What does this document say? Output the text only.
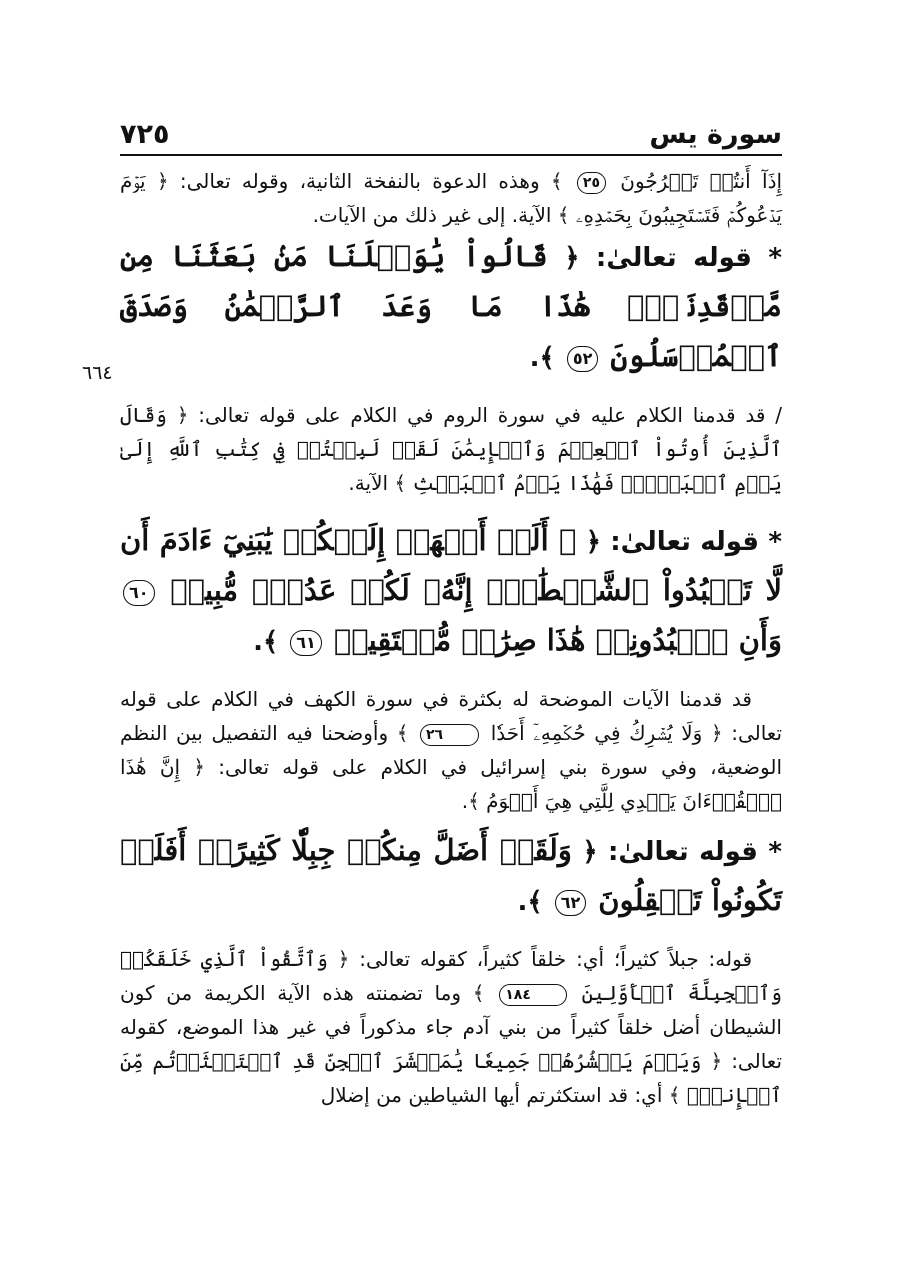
سورة يس
٧٢٥
٦٦٤

إِذَآ أَنتُمۡ تَخۡرُجُونَ ٢٥ ﴾ وهذه الدعوة بالنفخة الثانية، وقوله تعالى: ﴿ يَوۡمَ يَدۡعُوكُمۡ فَتَسۡتَجِيبُونَ بِحَمۡدِهِۦ ﴾ الآية. إلى غير ذلك من الآيات.

* قوله تعالىٰ: ﴿ قَالُواْ يَٰوَيۡلَنَا مَنۢ بَعَثَنَا مِن مَّرۡقَدِنَاۜۗ هَٰذَا مَا وَعَدَ ٱلرَّحۡمَٰنُ وَصَدَقَ ٱلۡمُرۡسَلُونَ ٥٢ ﴾.

/ قد قدمنا الكلام عليه في سورة الروم في الكلام على قوله تعالى: ﴿ وَقَالَ ٱلَّذِينَ أُوتُواْ ٱلۡعِلۡمَ وَٱلۡإِيمَٰنَ لَقَدۡ لَبِثۡتُمۡ فِي كِتَٰبِ ٱللَّهِ إِلَىٰ يَوۡمِ ٱلۡبَعۡثِۖ فَهَٰذَا يَوۡمُ ٱلۡبَعۡثِ ﴾ الآية.

* قوله تعالىٰ: ﴿ ۞ أَلَمۡ أَعۡهَدۡ إِلَيۡكُمۡ يَٰبَنِيٓ ءَادَمَ أَن لَّا تَعۡبُدُواْ ٱلشَّيۡطَٰنَۖ إِنَّهُۥ لَكُمۡ عَدُوّٞ مُّبِينٞ ٦٠ وَأَنِ ٱعۡبُدُونِيۚ هَٰذَا صِرَٰطٞ مُّسۡتَقِيمٞ ٦١ ﴾.

قد قدمنا الآيات الموضحة له بكثرة في سورة الكهف في الكلام على قوله تعالى: ﴿ وَلَا يُشۡرِكُ فِي حُكۡمِهِۦٓ أَحَدٗا ٢٦ ﴾ وأوضحنا فيه التفصيل بين النظم الوضعية، وفي سورة بني إسرائيل في الكلام على قوله تعالى: ﴿ إِنَّ هَٰذَا ٱلۡقُرۡءَانَ يَهۡدِي لِلَّتِي هِيَ أَقۡوَمُ ﴾.

* قوله تعالىٰ: ﴿ وَلَقَدۡ أَضَلَّ مِنكُمۡ جِبِلّٗا كَثِيرًاۖ أَفَلَمۡ تَكُونُواْ تَعۡقِلُونَ ٦٢ ﴾.

قوله: جبلاً كثيراً؛ أي: خلقاً كثيراً، كقوله تعالى: ﴿ وَٱتَّقُواْ ٱلَّذِي خَلَقَكُمۡ وَٱلۡجِبِلَّةَ ٱلۡأَوَّلِينَ ١٨٤ ﴾ وما تضمنته هذه الآية الكريمة من كون الشيطان أضل خلقاً كثيراً من بني آدم جاء مذكوراً في غير هذا الموضع، كقوله تعالى: ﴿ وَيَوۡمَ يَحۡشُرُهُمۡ جَمِيعٗا يَٰمَعۡشَرَ ٱلۡجِنِّ قَدِ ٱسۡتَكۡثَرۡتُم مِّنَ ٱلۡإِنسِۖ ﴾ أي: قد استكثرتم أيها الشياطين من إضلال
